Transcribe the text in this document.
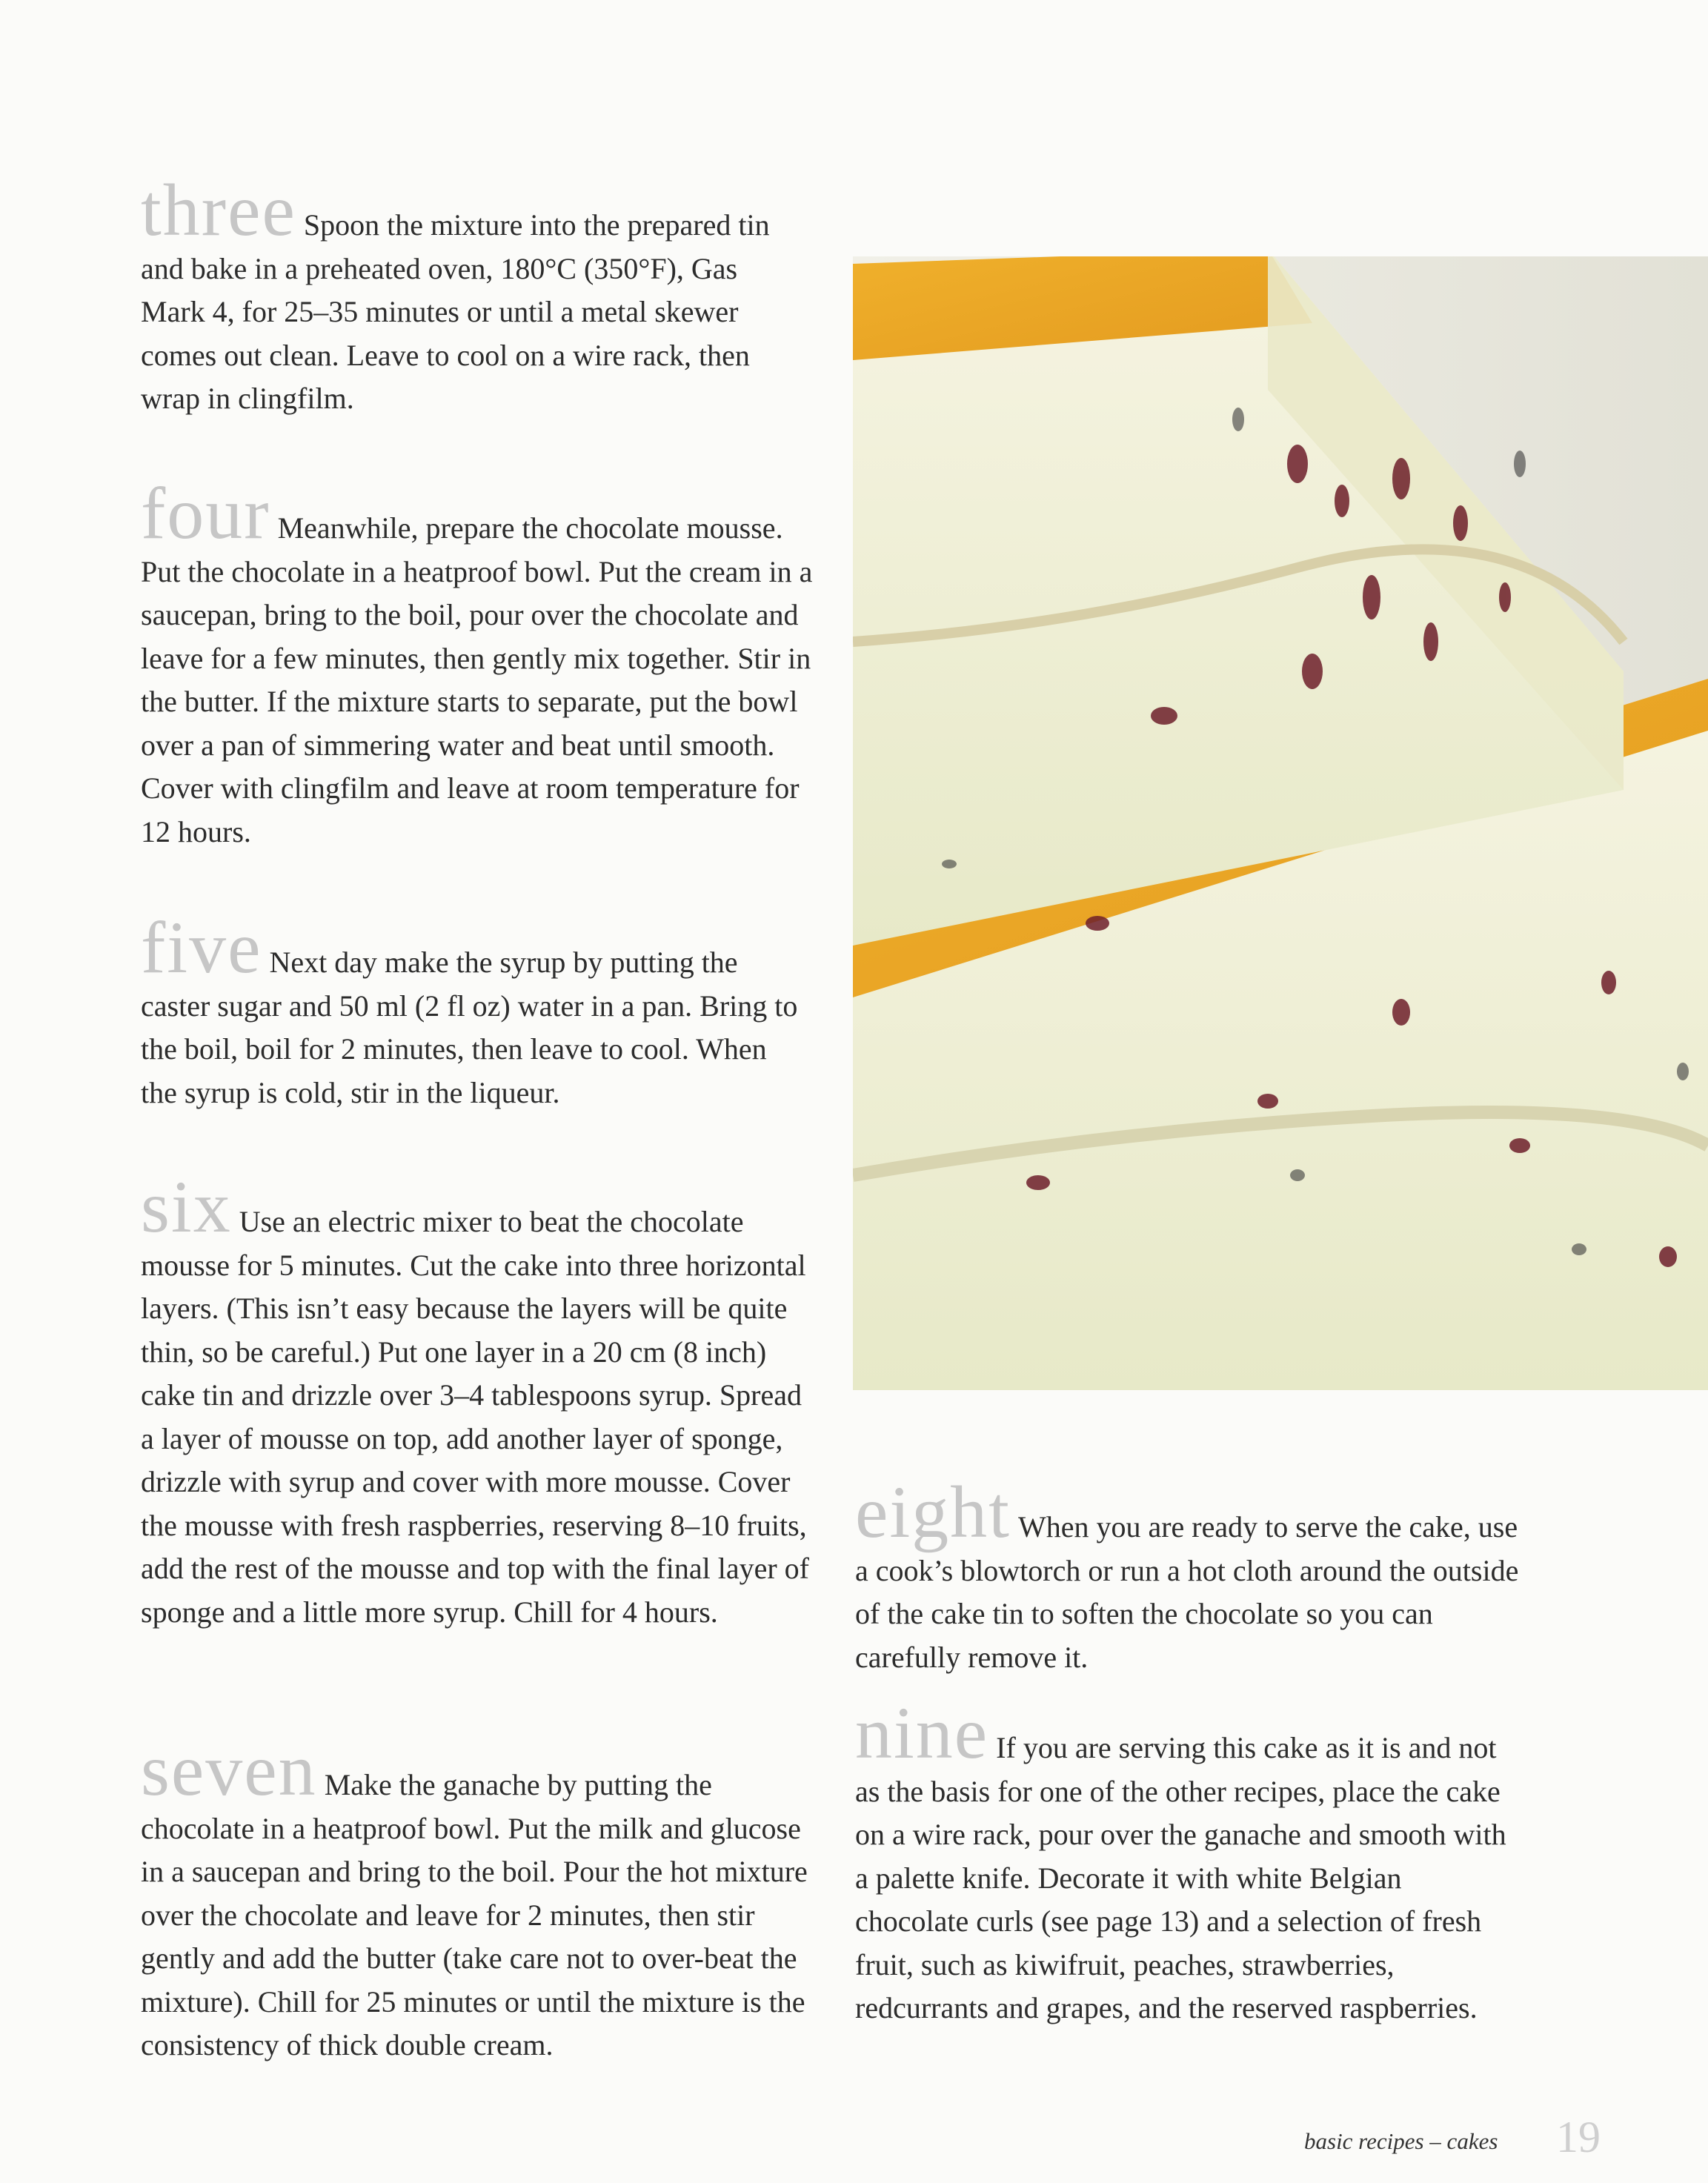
three Spoon the mixture into the prepared tin and bake in a preheated oven, 180°C (350°F), Gas Mark 4, for 25–35 minutes or until a metal skewer comes out clean. Leave to cool on a wire rack, then wrap in clingfilm.
four Meanwhile, prepare the chocolate mousse. Put the chocolate in a heatproof bowl. Put the cream in a saucepan, bring to the boil, pour over the chocolate and leave for a few minutes, then gently mix together. Stir in the butter. If the mixture starts to separate, put the bowl over a pan of simmering water and beat until smooth. Cover with clingfilm and leave at room temperature for 12 hours.
five Next day make the syrup by putting the caster sugar and 50 ml (2 fl oz) water in a pan. Bring to the boil, boil for 2 minutes, then leave to cool. When the syrup is cold, stir in the liqueur.
six Use an electric mixer to beat the chocolate mousse for 5 minutes. Cut the cake into three horizontal layers. (This isn’t easy because the layers will be quite thin, so be careful.) Put one layer in a 20 cm (8 inch) cake tin and drizzle over 3–4 tablespoons syrup. Spread a layer of mousse on top, add another layer of sponge, drizzle with syrup and cover with more mousse. Cover the mousse with fresh raspberries, reserving 8–10 fruits, add the rest of the mousse and top with the final layer of sponge and a little more syrup. Chill for 4 hours.
seven Make the ganache by putting the chocolate in a heatproof bowl. Put the milk and glucose in a saucepan and bring to the boil. Pour the hot mixture over the chocolate and leave for 2 minutes, then stir gently and add the butter (take care not to over-beat the mixture). Chill for 25 minutes or until the mixture is the consistency of thick double cream.
eight When you are ready to serve the cake, use a cook’s blowtorch or run a hot cloth around the outside of the cake tin to soften the chocolate so you can carefully remove it.
nine If you are serving this cake as it is and not as the basis for one of the other recipes, place the cake on a wire rack, pour over the ganache and smooth with a palette knife. Decorate it with white Belgian chocolate curls (see page 13) and a selection of fresh fruit, such as kiwifruit, peaches, strawberries, redcurrants and grapes, and the reserved raspberries.
basic recipes – cakes 19
